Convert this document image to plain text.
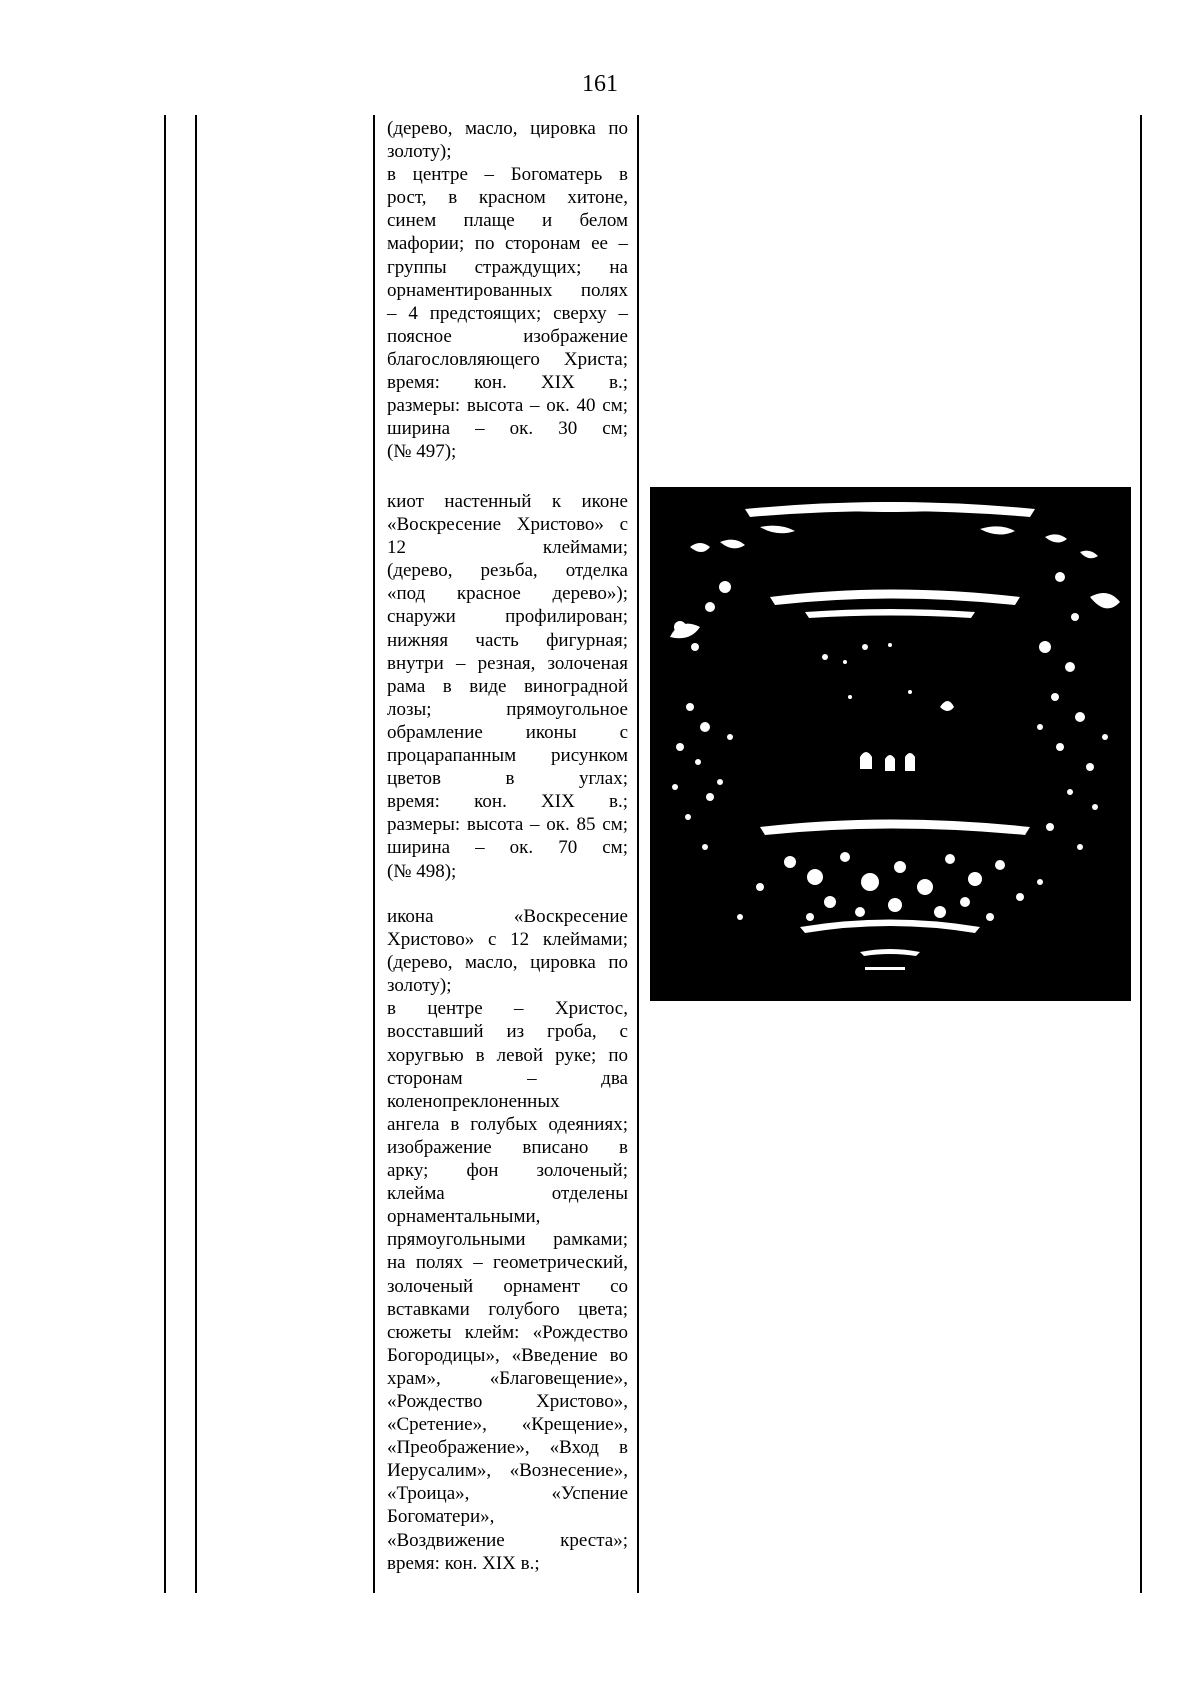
161
(дерево, масло, цировка по
золоту);
в центре – Богоматерь в
рост, в красном хитоне,
синем плаще и белом
мафории; по сторонам ее –
группы страждущих; на
орнаментированных полях
– 4 предстоящих; сверху –
поясное изображение
благословляющего Христа;
время: кон. XIX в.;
размеры: высота – ок. 40 см;
ширина – ок. 30 см;
(№ 497);
киот настенный к иконе
«Воскресение Христово» с
12 клеймами;
(дерево, резьба, отделка
«под красное дерево»);
снаружи профилирован;
нижняя часть фигурная;
внутри – резная, золоченая
рама в виде виноградной
лозы; прямоугольное
обрамление иконы с
процарапанным рисунком
цветов в углах;
время: кон. XIX в.;
размеры: высота – ок. 85 см;
ширина – ок. 70 см;
(№ 498);
икона «Воскресение
Христово» с 12 клеймами;
(дерево, масло, цировка по
золоту);
в центре – Христос,
восставший из гроба, с
хоругвью в левой руке; по
сторонам – два
коленопреклоненных
ангела в голубых одеяниях;
изображение вписано в
арку; фон золоченый;
клейма отделены
орнаментальными,
прямоугольными рамками;
на полях – геометрический,
золоченый орнамент со
вставками голубого цвета;
сюжеты клейм: «Рождество
Богородицы», «Введение во
храм», «Благовещение»,
«Рождество Христово»,
«Сретение», «Крещение»,
«Преображение», «Вход в
Иерусалим», «Вознесение»,
«Троица», «Успение
Богоматери»,
«Воздвижение креста»;
время: кон. XIX в.;
